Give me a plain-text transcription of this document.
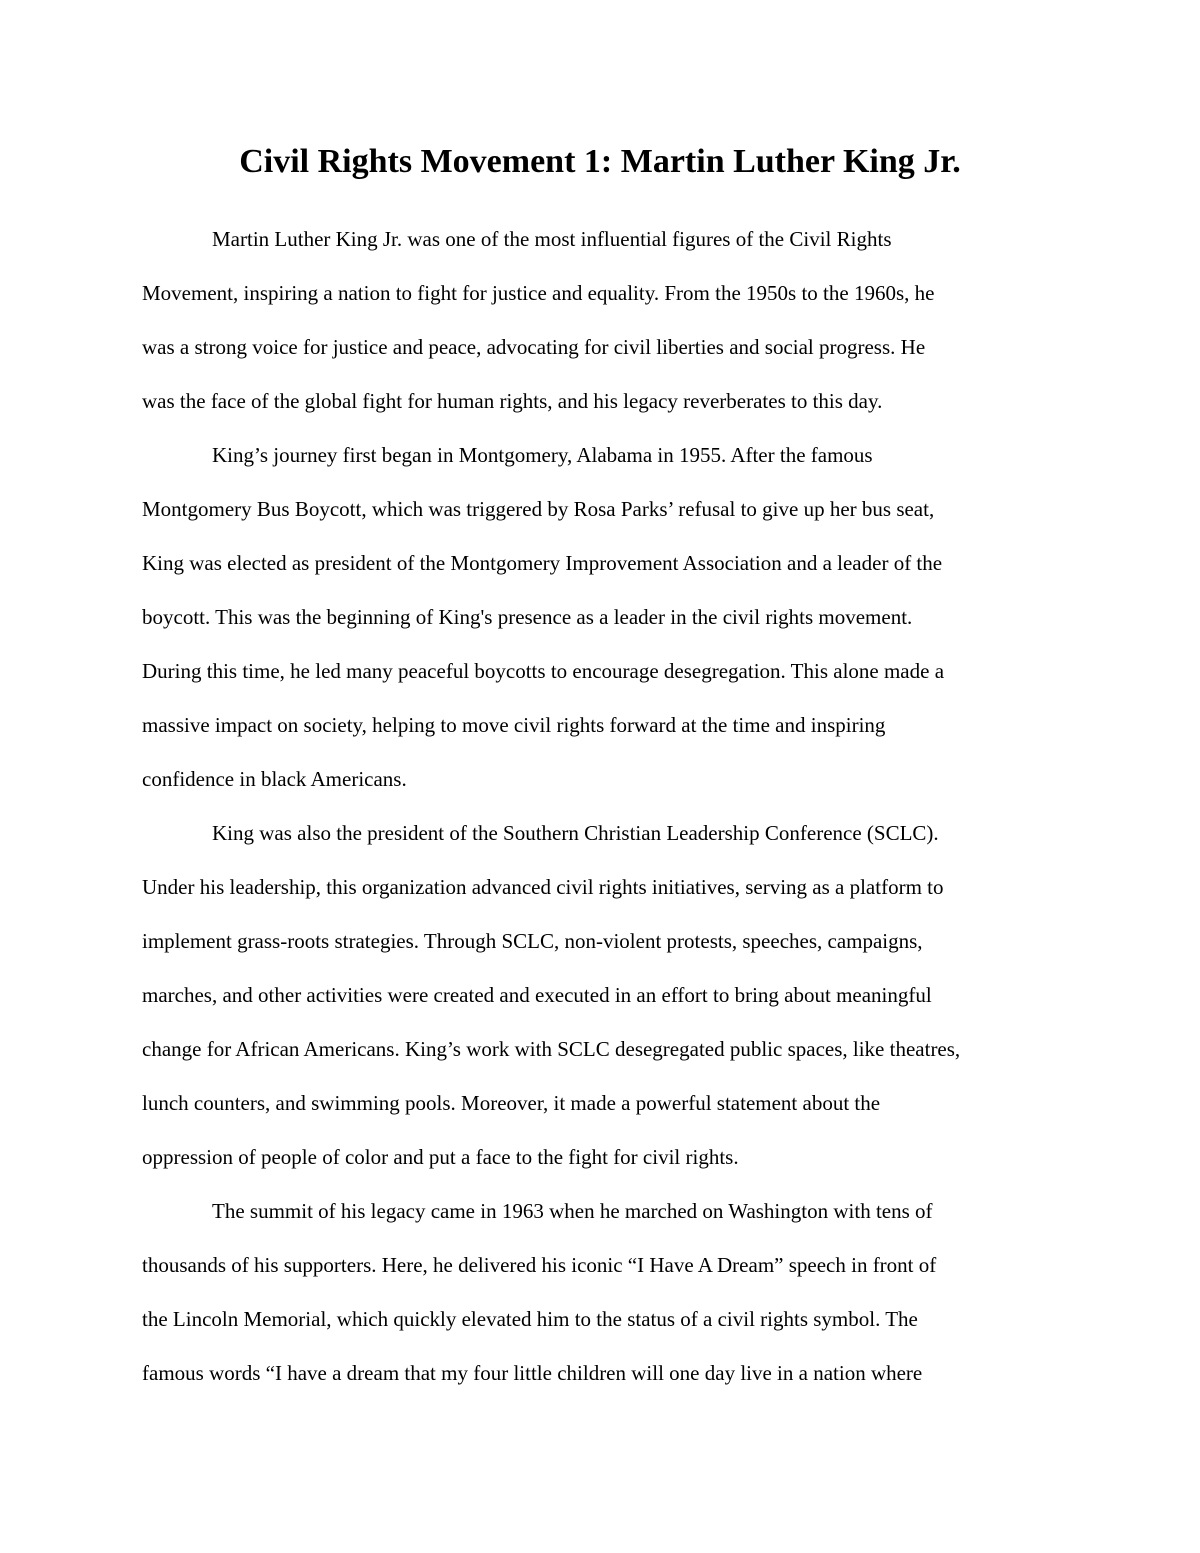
Civil Rights Movement 1: Martin Luther King Jr.

Martin Luther King Jr. was one of the most influential figures of the Civil Rights

Movement, inspiring a nation to fight for justice and equality. From the 1950s to the 1960s, he

was a strong voice for justice and peace, advocating for civil liberties and social progress. He

was the face of the global fight for human rights, and his legacy reverberates to this day.

King’s journey first began in Montgomery, Alabama in 1955. After the famous

Montgomery Bus Boycott, which was triggered by Rosa Parks’ refusal to give up her bus seat,

King was elected as president of the Montgomery Improvement Association and a leader of the

boycott. This was the beginning of King's presence as a leader in the civil rights movement.

During this time, he led many peaceful boycotts to encourage desegregation. This alone made a

massive impact on society, helping to move civil rights forward at the time and inspiring

confidence in black Americans.

King was also the president of the Southern Christian Leadership Conference (SCLC).

Under his leadership, this organization advanced civil rights initiatives, serving as a platform to

implement grass-roots strategies. Through SCLC, non-violent protests, speeches, campaigns,

marches, and other activities were created and executed in an effort to bring about meaningful

change for African Americans. King’s work with SCLC desegregated public spaces, like theatres,

lunch counters, and swimming pools. Moreover, it made a powerful statement about the

oppression of people of color and put a face to the fight for civil rights.

The summit of his legacy came in 1963 when he marched on Washington with tens of

thousands of his supporters. Here, he delivered his iconic “I Have A Dream” speech in front of

the Lincoln Memorial, which quickly elevated him to the status of a civil rights symbol. The

famous words “I have a dream that my four little children will one day live in a nation where
